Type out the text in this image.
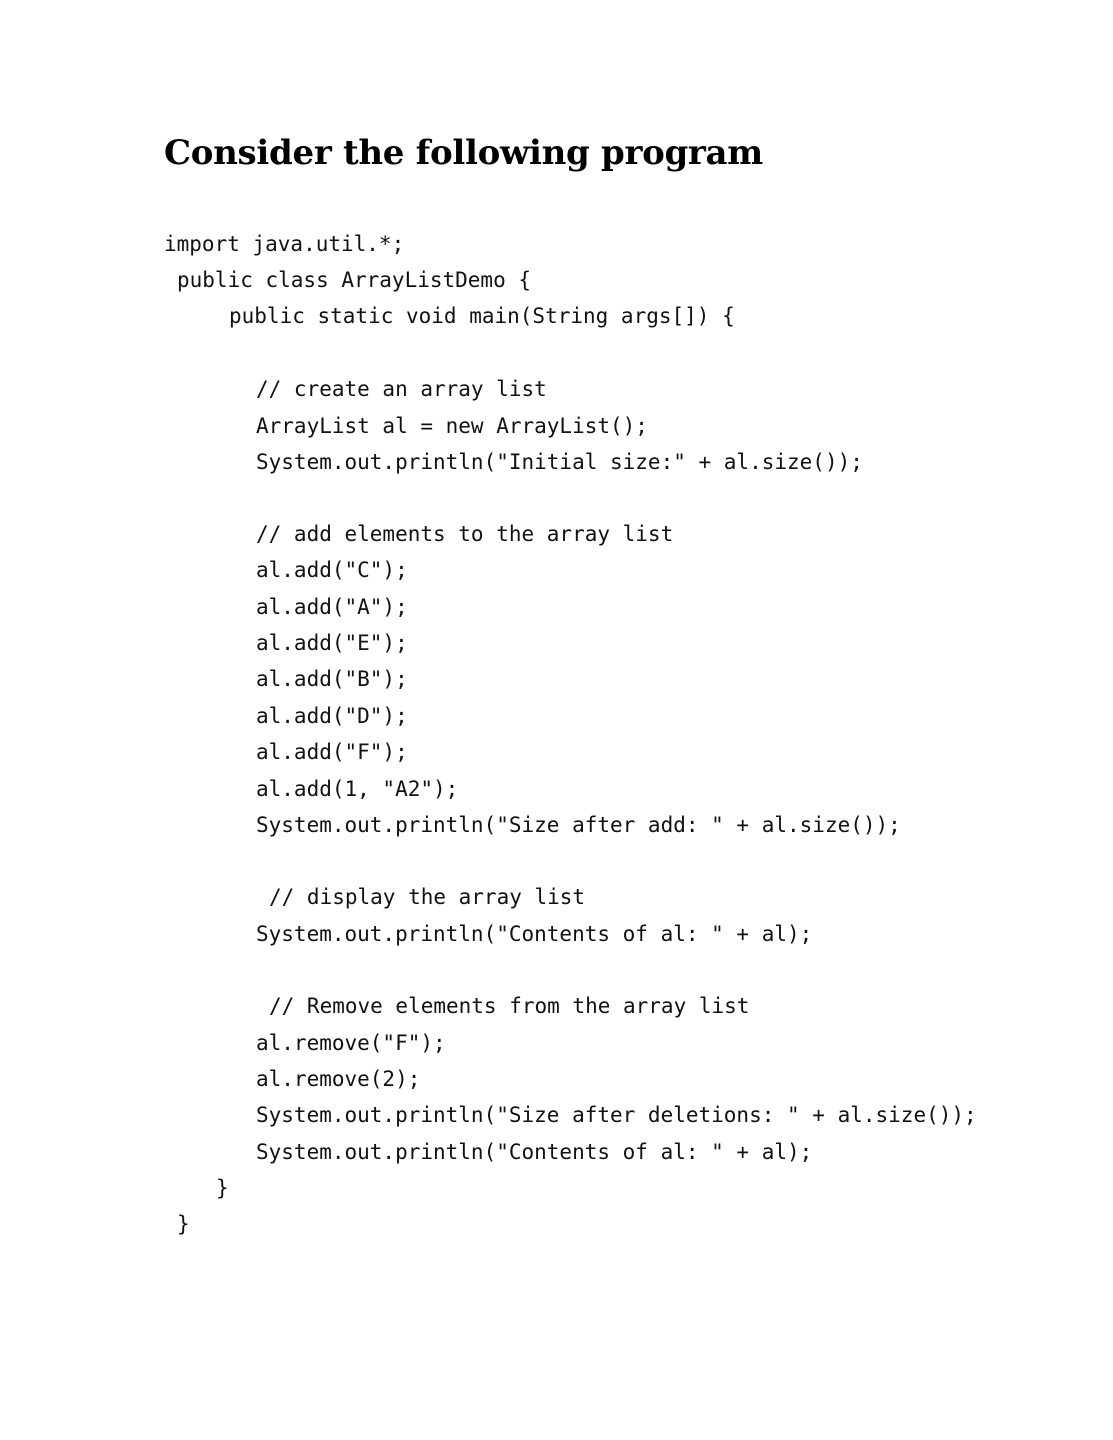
Consider the following program
import java.util.*;
public class ArrayListDemo {
public static void main(String args[]) {
// create an array list
ArrayList al = new ArrayList();
System.out.println("Initial size:" + al.size());
// add elements to the array list
al.add("C");
al.add("A");
al.add("E");
al.add("B");
al.add("D");
al.add("F");
al.add(1, "A2");
System.out.println("Size after add: " + al.size());
// display the array list
System.out.println("Contents of al: " + al);
// Remove elements from the array list
al.remove("F");
al.remove(2);
System.out.println("Size after deletions: " + al.size());
System.out.println("Contents of al: " + al);
}
}
